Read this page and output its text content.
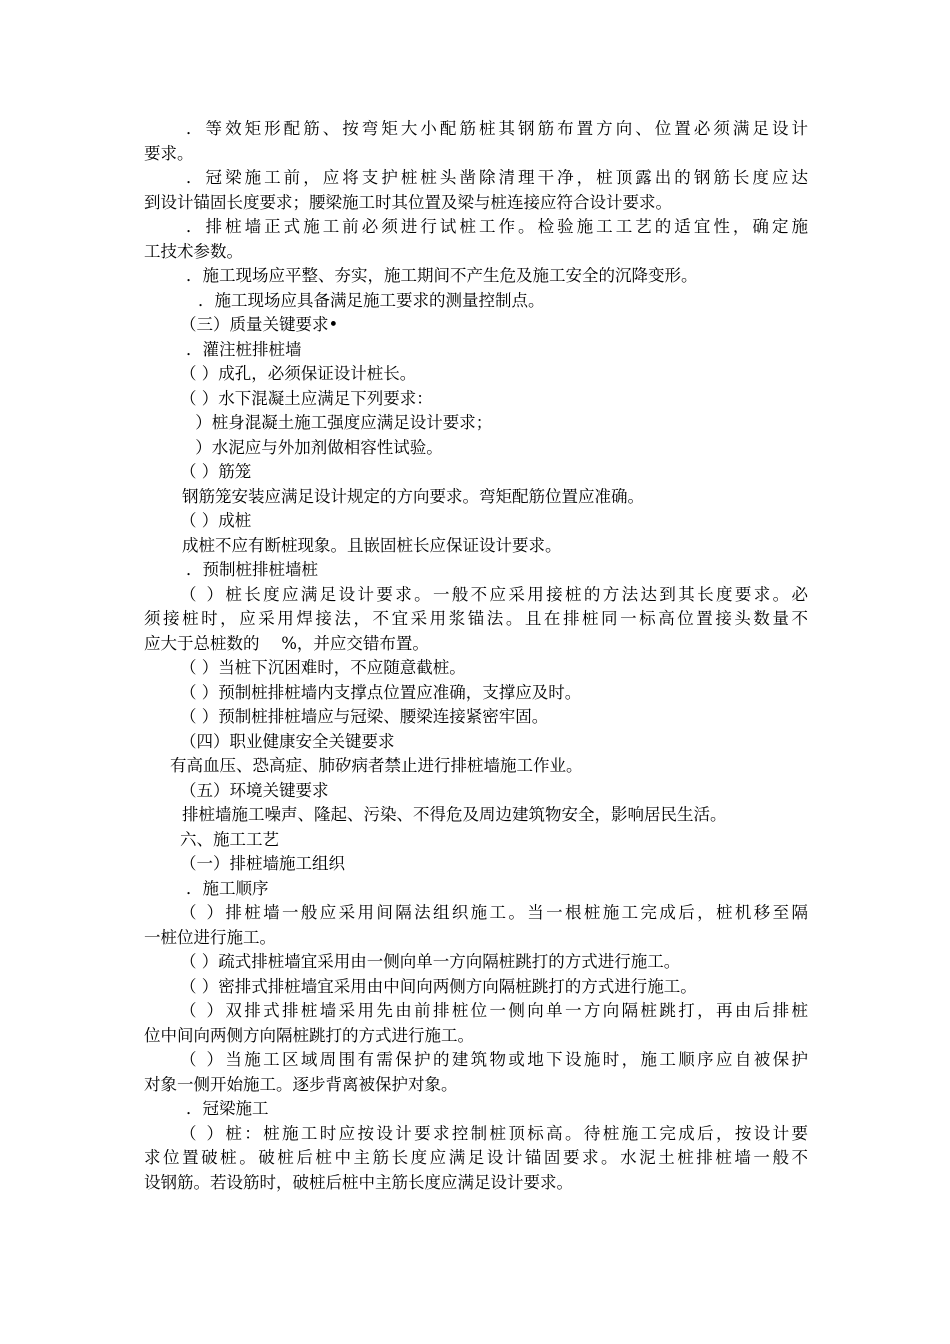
．等效矩形配筋、按弯矩大小配筋桩其钢筋布置方向、位置必须满足设计
要求。
．冠梁施工前，应将支护桩桩头凿除清理干净，桩顶露出的钢筋长度应达
到设计锚固长度要求；腰梁施工时其位置及梁与桩连接应符合设计要求。
．排桩墙正式施工前必须进行试桩工作。检验施工工艺的适宜性，确定施
工技术参数。
．施工现场应平整、夯实，施工期间不产生危及施工安全的沉降变形。
．施工现场应具备满足施工要求的测量控制点。
（三）质量关键要求•
．灌注桩排桩墙
（ ）成孔，必须保证设计桩长。
（ ）水下混凝土应满足下列要求：
）桩身混凝土施工强度应满足设计要求；
）水泥应与外加剂做相容性试验。
（ ）筋笼
钢筋笼安装应满足设计规定的方向要求。弯矩配筋位置应准确。
（ ）成桩
成桩不应有断桩现象。且嵌固桩长应保证设计要求。
．预制桩排桩墙桩
（ ）桩长度应满足设计要求。一般不应采用接桩的方法达到其长度要求。必
须接桩时，应采用焊接法，不宜采用浆锚法。且在排桩同一标高位置接头数量不
应大于总桩数的　 %，并应交错布置。
（ ）当桩下沉困难时，不应随意截桩。
（ ）预制桩排桩墙内支撑点位置应准确，支撑应及时。
（ ）预制桩排桩墙应与冠梁、腰梁连接紧密牢固。
（四）职业健康安全关键要求
有高血压、恐高症、肺矽病者禁止进行排桩墙施工作业。
（五）环境关键要求
排桩墙施工噪声、隆起、污染、不得危及周边建筑物安全，影响居民生活。
六、施工工艺
（一）排桩墙施工组织
．施工顺序
（ ）排桩墙一般应采用间隔法组织施工。当一根桩施工完成后，桩机移至隔
一桩位进行施工。
（ ）疏式排桩墙宜采用由一侧向单一方向隔桩跳打的方式进行施工。
（ ）密排式排桩墙宜采用由中间向两侧方向隔桩跳打的方式进行施工。
（ ）双排式排桩墙采用先由前排桩位一侧向单一方向隔桩跳打，再由后排桩
位中间向两侧方向隔桩跳打的方式进行施工。
（ ）当施工区域周围有需保护的建筑物或地下设施时，施工顺序应自被保护
对象一侧开始施工。逐步背离被保护对象。
．冠梁施工
（ ）桩：桩施工时应按设计要求控制桩顶标高。待桩施工完成后，按设计要
求位置破桩。破桩后桩中主筋长度应满足设计锚固要求。水泥土桩排桩墙一般不
设钢筋。若设筋时，破桩后桩中主筋长度应满足设计要求。
